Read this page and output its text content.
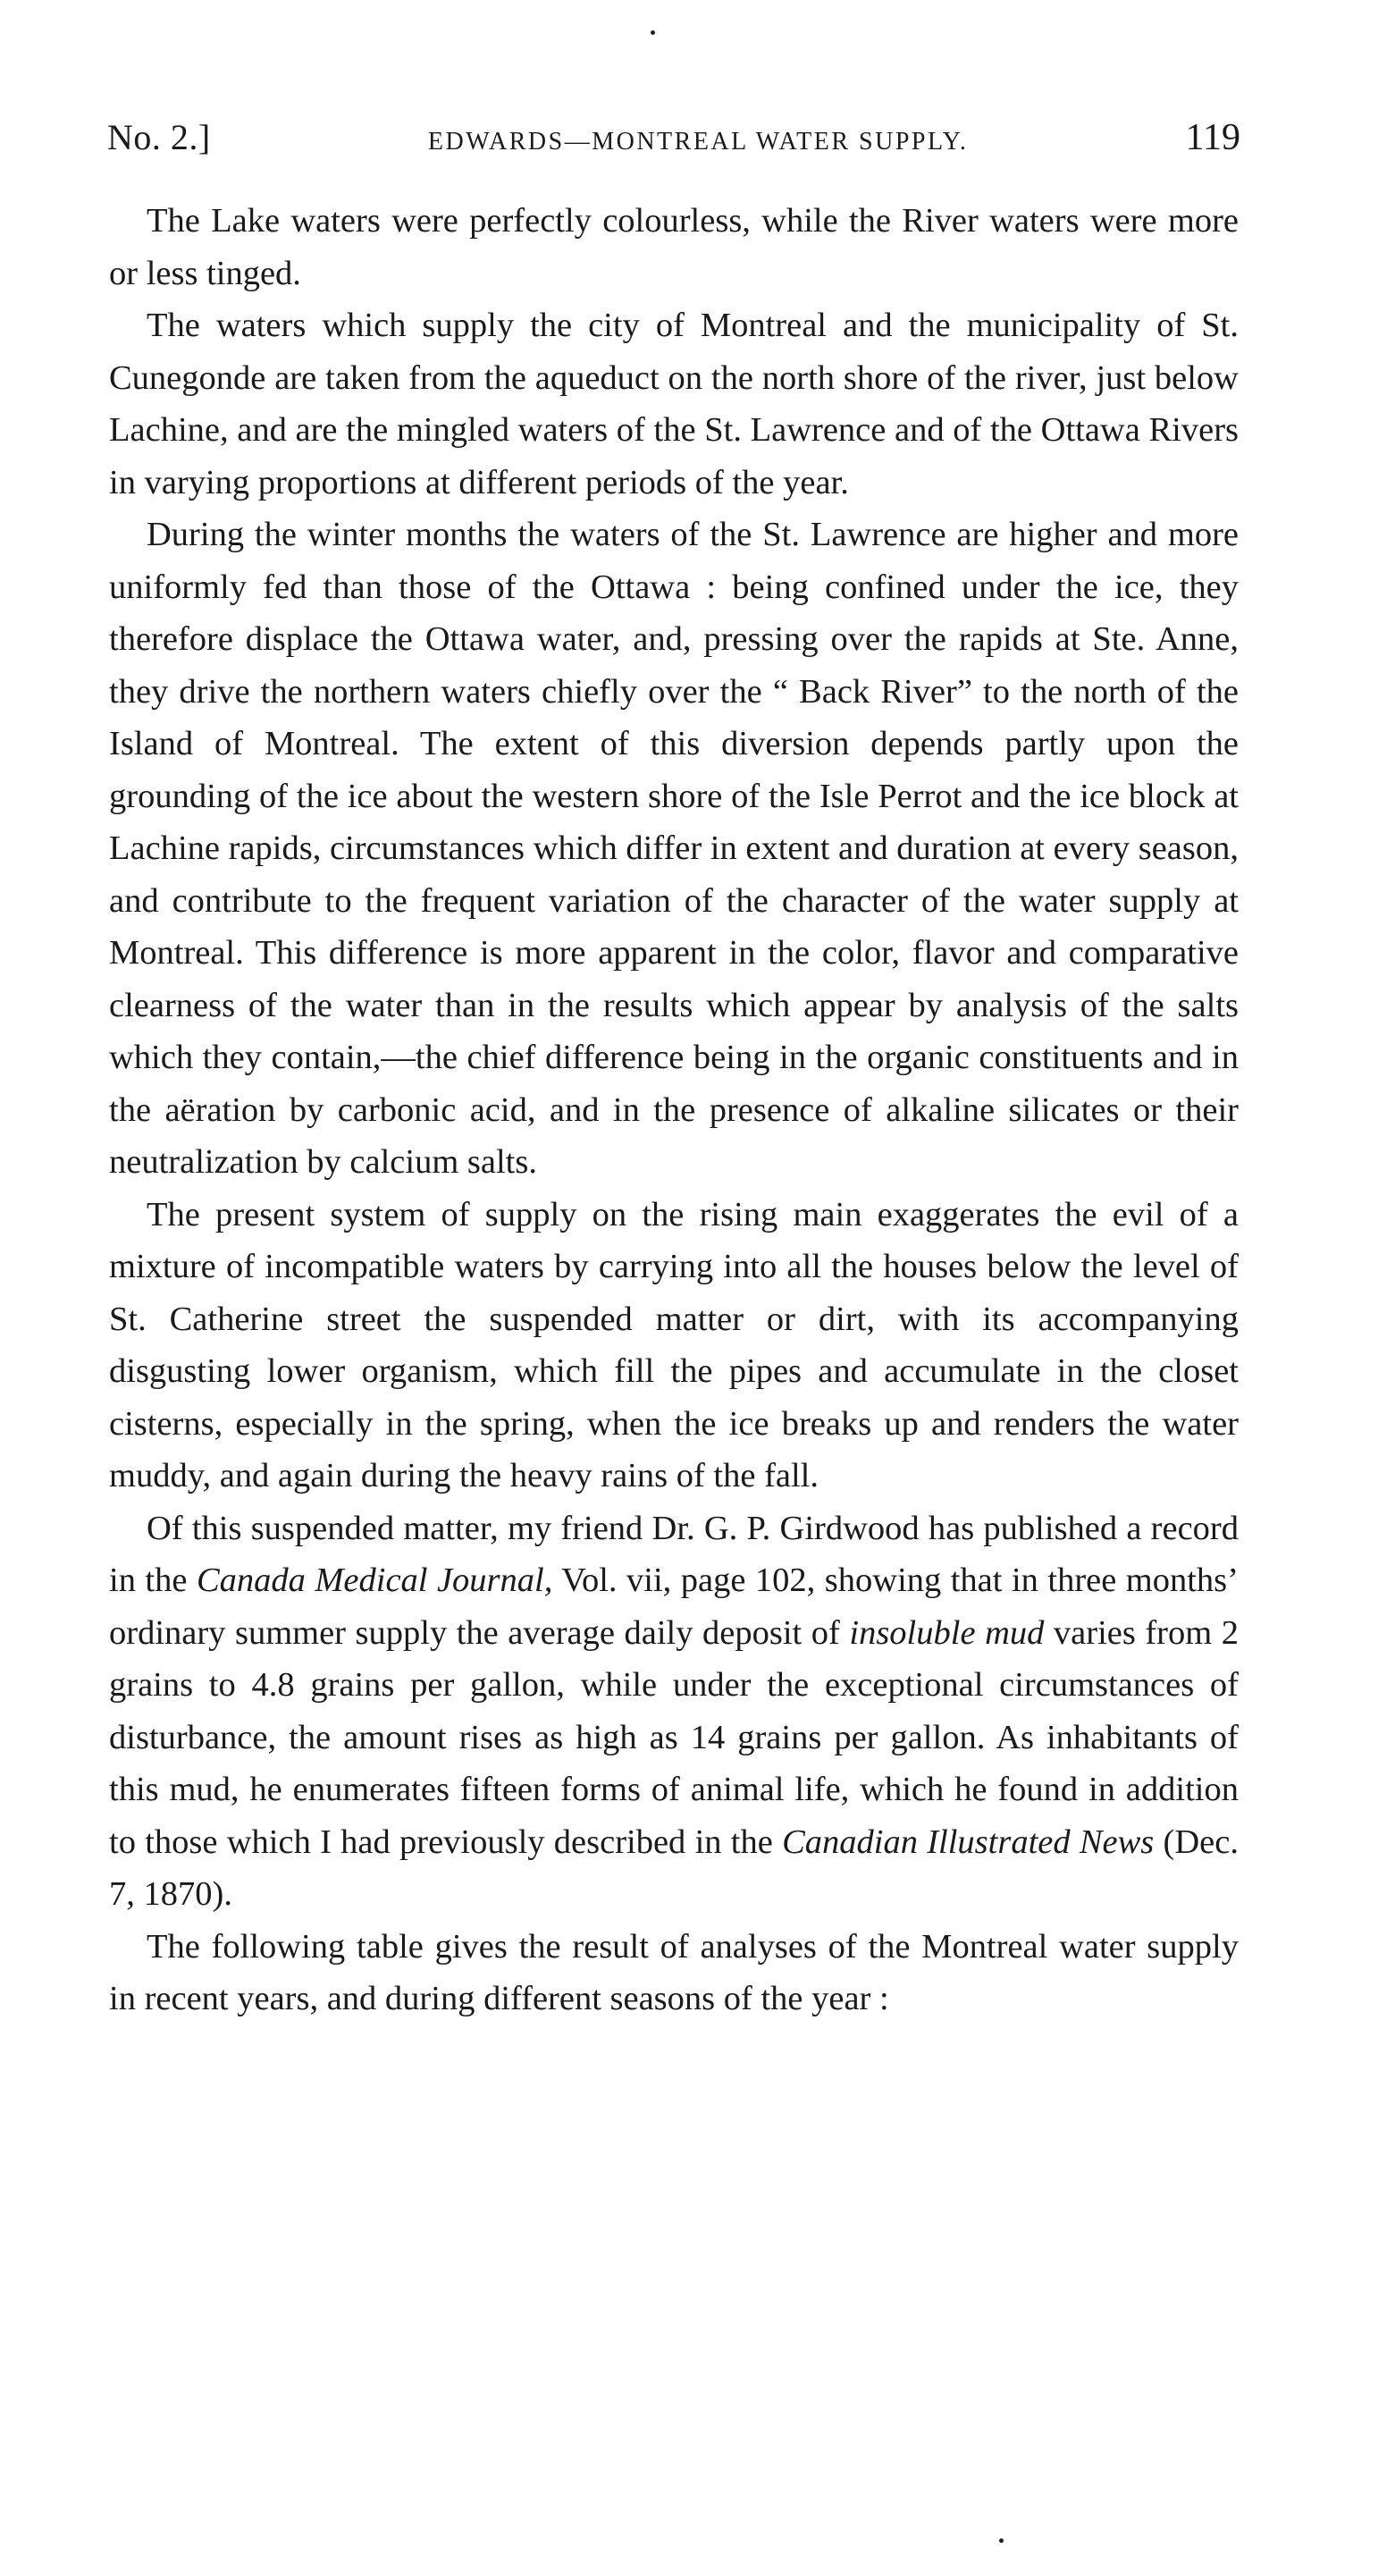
No. 2.]	EDWARDS—MONTREAL WATER SUPPLY.	119

The Lake waters were perfectly colourless, while the River waters were more or less tinged.

The waters which supply the city of Montreal and the municipality of St. Cunegonde are taken from the aqueduct on the north shore of the river, just below Lachine, and are the mingled waters of the St. Lawrence and of the Ottawa Rivers in varying proportions at different periods of the year.

During the winter months the waters of the St. Lawrence are higher and more uniformly fed than those of the Ottawa : being confined under the ice, they therefore displace the Ottawa water, and, pressing over the rapids at Ste. Anne, they drive the northern waters chiefly over the “ Back River” to the north of the Island of Montreal. The extent of this diversion depends partly upon the grounding of the ice about the western shore of the Isle Perrot and the ice block at Lachine rapids, circumstances which differ in extent and duration at every season, and contribute to the frequent variation of the character of the water supply at Montreal. This difference is more apparent in the color, flavor and comparative clearness of the water than in the results which appear by analysis of the salts which they contain,—the chief difference being in the organic constituents and in the aëration by carbonic acid, and in the presence of alkaline silicates or their neutralization by calcium salts.

The present system of supply on the rising main exaggerates the evil of a mixture of incompatible waters by carrying into all the houses below the level of St. Catherine street the suspended matter or dirt, with its accompanying disgusting lower organism, which fill the pipes and accumulate in the closet cisterns, especially in the spring, when the ice breaks up and renders the water muddy, and again during the heavy rains of the fall.

Of this suspended matter, my friend Dr. G. P. Girdwood has published a record in the Canada Medical Journal, Vol. vii, page 102, showing that in three months’ ordinary summer supply the average daily deposit of insoluble mud varies from 2 grains to 4.8 grains per gallon, while under the exceptional circumstances of disturbance, the amount rises as high as 14 grains per gallon. As inhabitants of this mud, he enumerates fifteen forms of animal life, which he found in addition to those which I had previously described in the Canadian Illustrated News (Dec. 7, 1870).

The following table gives the result of analyses of the Montreal water supply in recent years, and during different seasons of the year :
